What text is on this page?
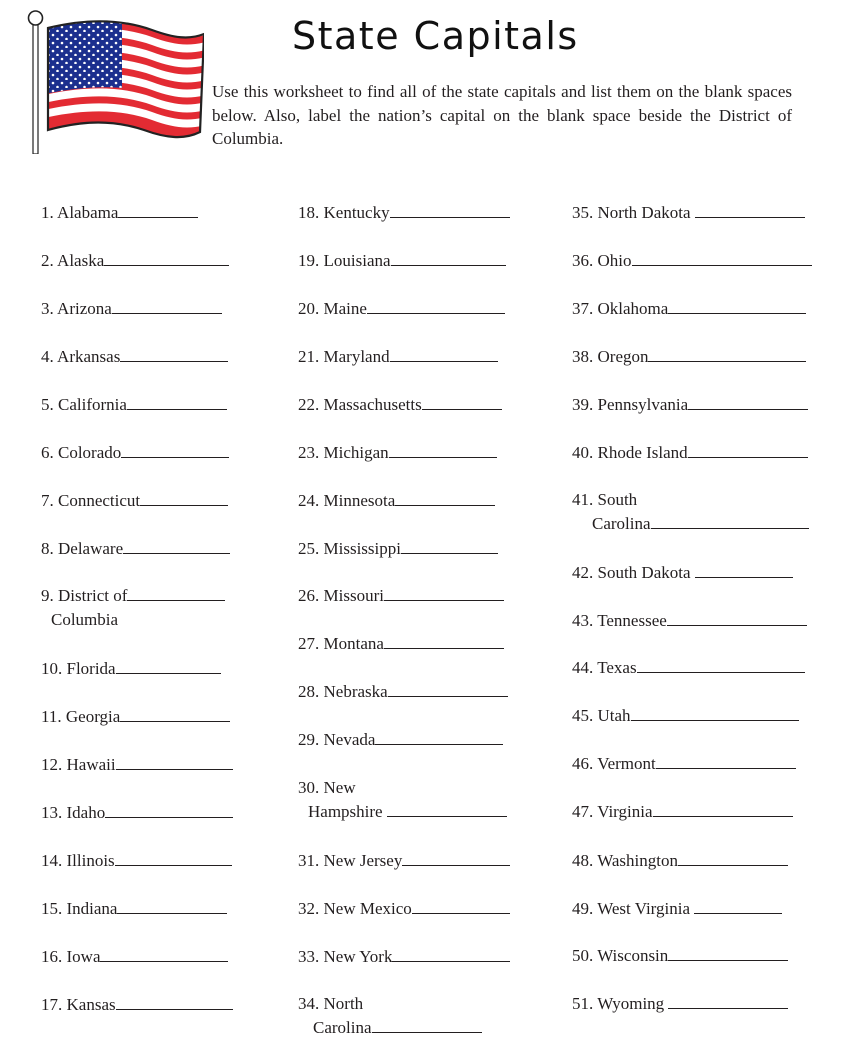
State Capitals

Use this worksheet to find all of the state capitals and list them on the blank spaces below. Also, label the nation’s capital on the blank space beside the District of Columbia.

1. Alabama
2. Alaska
3. Arizona
4. Arkansas
5. California
6. Colorado
7. Connecticut
8. Delaware
9. District of
Columbia
10. Florida
11. Georgia
12. Hawaii
13. Idaho
14. Illinois
15. Indiana
16. Iowa
17. Kansas
18. Kentucky
19. Louisiana
20. Maine
21. Maryland
22. Massachusetts
23. Michigan
24. Minnesota
25. Mississippi
26. Missouri
27. Montana
28. Nebraska
29. Nevada
30. New
Hampshire
31. New Jersey
32. New Mexico
33. New York
34. North
Carolina
35. North Dakota
36. Ohio
37. Oklahoma
38. Oregon
39. Pennsylvania
40. Rhode Island
41. South
Carolina
42. South Dakota
43. Tennessee
44. Texas
45. Utah
46. Vermont
47. Virginia
48. Washington
49. West Virginia
50. Wisconsin
51. Wyoming
